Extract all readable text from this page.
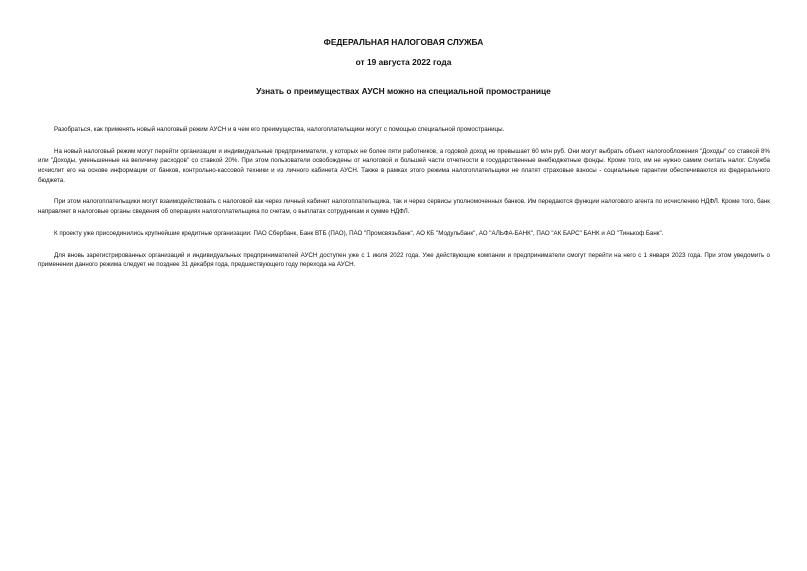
ФЕДЕРАЛЬНАЯ НАЛОГОВАЯ СЛУЖБА
от 19 августа 2022 года
Узнать о преимуществах АУСН можно на специальной промостранице

Разобраться, как применять новый налоговый режим АУСН и в чем его преимущества, налогоплательщики могут с помощью специальной промостраницы.

На новый налоговый режим могут перейти организации и индивидуальные предприниматели, у которых не более пяти работников, а годовой доход не превышает 60 млн руб. Они могут выбрать объект налогообложения "Доходы" со ставкой 8% или "Доходы, уменьшенные на величину расходов" со ставкой 20%. При этом пользователи освобождены от налоговой и большей части отчетности в государственные внебюджетные фонды. Кроме того, им не нужно самим считать налог. Служба исчислит его на основе информации от банков, контрольно-кассовой техники и из личного кабинета АУСН. Также в рамках этого режима налогоплательщики не платят страховые взносы - социальные гарантии обеспечиваются из федерального бюджета.

При этом налогоплательщики могут взаимодействовать с налоговой как через личный кабинет налогоплательщика, так и через сервисы уполномоченных банков. Им передаются функции налогового агента по исчислению НДФЛ. Кроме того, банк направляет в налоговые органы сведения об операциях налогоплательщика по счетам, о выплатах сотрудникам и сумме НДФЛ.

К проекту уже присоединились крупнейшие кредитные организации: ПАО Сбербанк, Банк ВТБ (ПАО), ПАО "Промсвязьбанк", АО КБ "Модульбанк", АО "АЛЬФА-БАНК", ПАО "АК БАРС" БАНК и АО "Тинькоф Банк".

Для вновь зарегистрированных организаций и индивидуальных предпринимателей АУСН доступен уже с 1 июля 2022 года. Уже действующие компании и предприниматели смогут перейти на него с 1 января 2023 года. При этом уведомить о применении данного режима следует не позднее 31 декабря года, предшествующего году перехода на АУСН.
